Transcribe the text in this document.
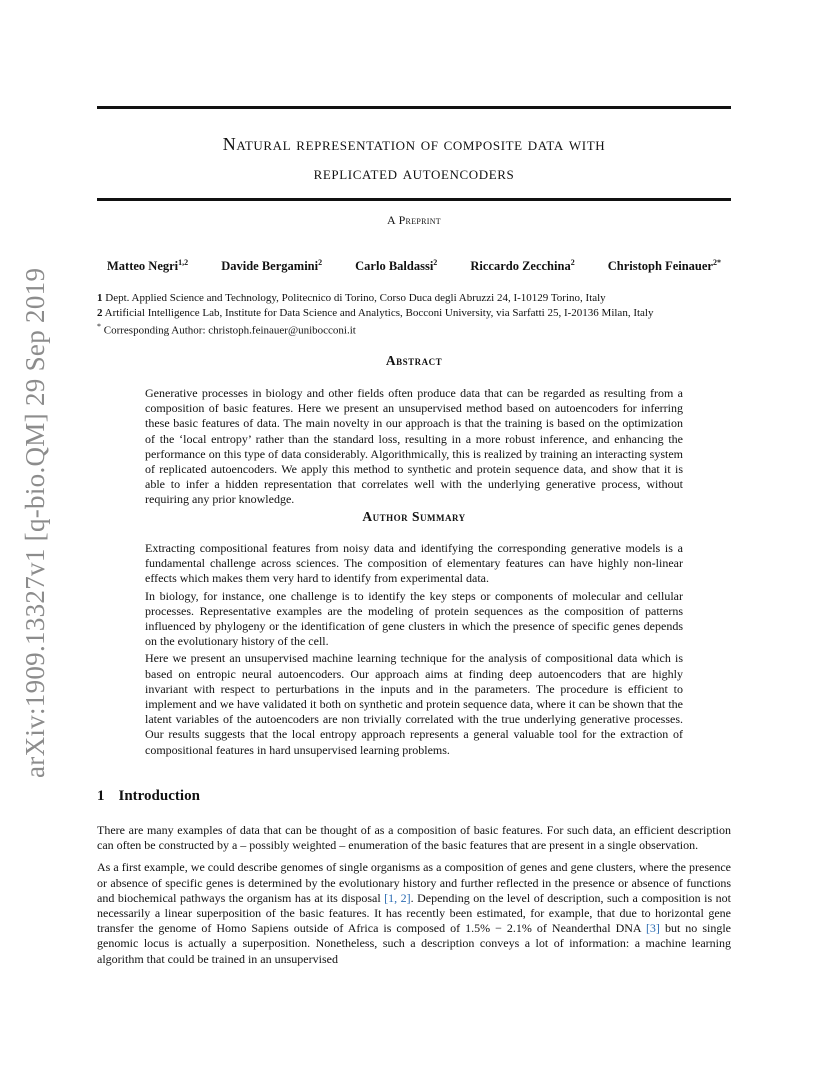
arXiv:1909.13327v1 [q-bio.QM] 29 Sep 2019
Natural representation of composite data with
replicated autoencoders
A Preprint
Matteo Negri$^{1,2}$	Davide Bergamini$^2$	Carlo Baldassi$^2$	Riccardo Zecchina$^2$	Christoph Feinauer$^{2*}$
1 Dept. Applied Science and Technology, Politecnico di Torino, Corso Duca degli Abruzzi 24, I-10129 Torino, Italy
2 Artificial Intelligence Lab, Institute for Data Science and Analytics, Bocconi University, via Sarfatti 25, I-20136 Milan, Italy
* Corresponding Author: christoph.feinauer@unibocconi.it
Abstract

Generative processes in biology and other fields often produce data that can be regarded as resulting from a composition of basic features. Here we present an unsupervised method based on autoencoders for inferring these basic features of data. The main novelty in our approach is that the training is based on the optimization of the ‘local entropy’ rather than the standard loss, resulting in a more robust inference, and enhancing the performance on this type of data considerably. Algorithmically, this is realized by training an interacting system of replicated autoencoders. We apply this method to synthetic and protein sequence data, and show that it is able to infer a hidden representation that correlates well with the underlying generative process, without requiring any prior knowledge.

Author Summary

Extracting compositional features from noisy data and identifying the corresponding generative models is a fundamental challenge across sciences. The composition of elementary features can have highly non-linear effects which makes them very hard to identify from experimental data.

In biology, for instance, one challenge is to identify the key steps or components of molecular and cellular processes. Representative examples are the modeling of protein sequences as the composition of patterns influenced by phylogeny or the identification of gene clusters in which the presence of specific genes depends on the evolutionary history of the cell.

Here we present an unsupervised machine learning technique for the analysis of compositional data which is based on entropic neural autoencoders. Our approach aims at finding deep autoencoders that are highly invariant with respect to perturbations in the inputs and in the parameters. The procedure is efficient to implement and we have validated it both on synthetic and protein sequence data, where it can be shown that the latent variables of the autoencoders are non trivially correlated with the true underlying generative processes. Our results suggests that the local entropy approach represents a general valuable tool for the extraction of compositional features in hard unsupervised learning problems.

1 Introduction

There are many examples of data that can be thought of as a composition of basic features. For such data, an efficient description can often be constructed by a – possibly weighted – enumeration of the basic features that are present in a single observation.

As a first example, we could describe genomes of single organisms as a composition of genes and gene clusters, where the presence or absence of specific genes is determined by the evolutionary history and further reflected in the presence or absence of functions and biochemical pathways the organism has at its disposal [1, 2]. Depending on the level of description, such a composition is not necessarily a linear superposition of the basic features. It has recently been estimated, for example, that due to horizontal gene transfer the genome of Homo Sapiens outside of Africa is composed of 1.5% − 2.1% of Neanderthal DNA [3] but no single genomic locus is actually a superposition. Nonetheless, such a description conveys a lot of information: a machine learning algorithm that could be trained in an unsupervised
